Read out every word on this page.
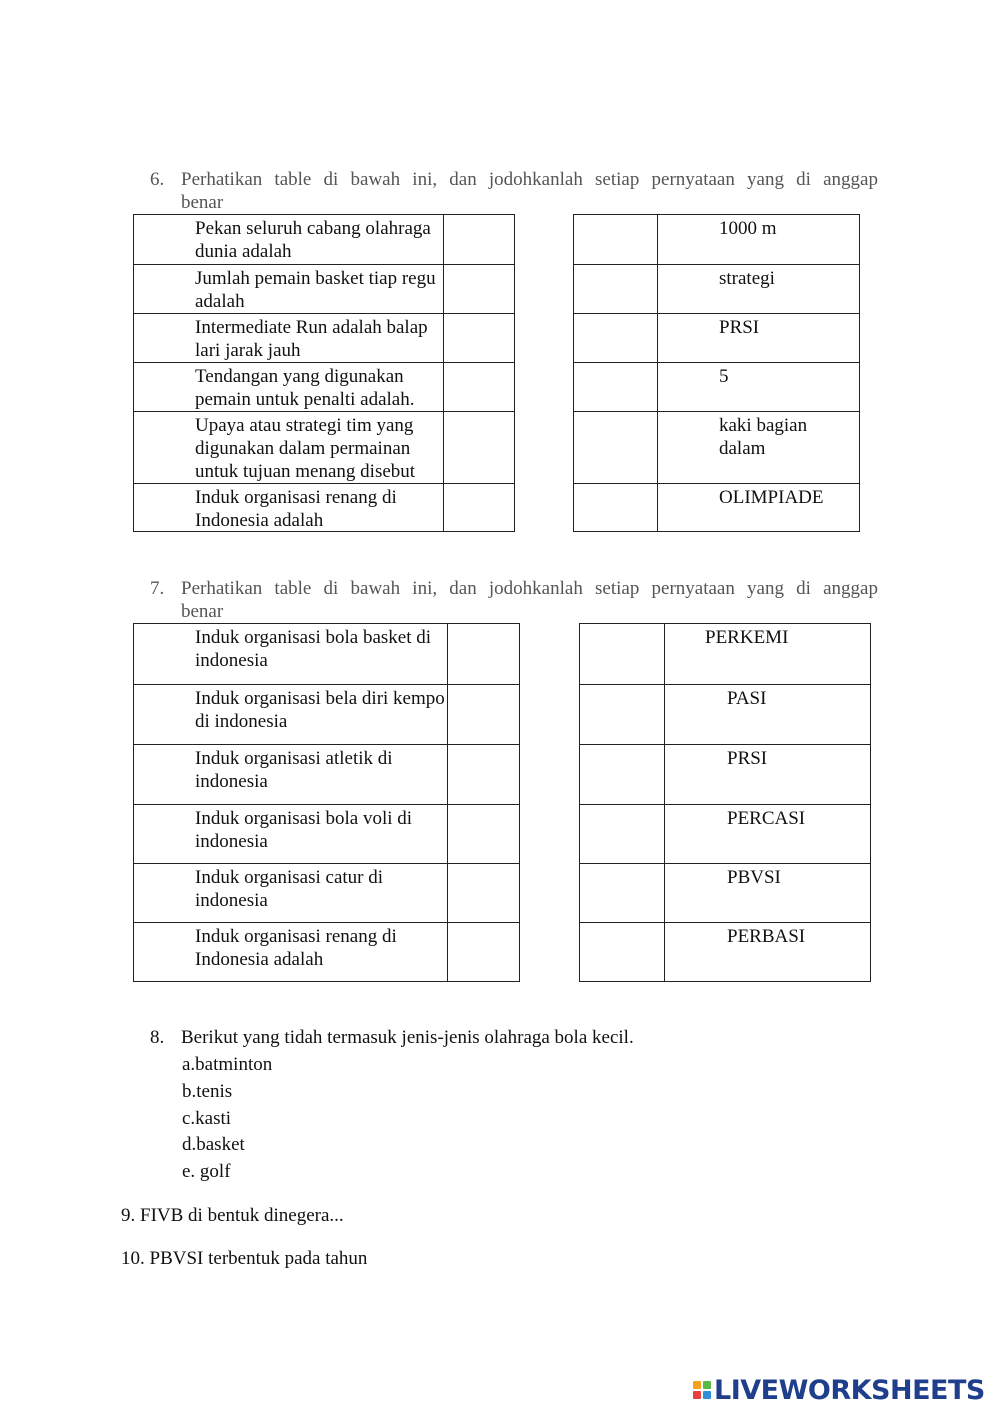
6. Perhatikan table di bawah ini, dan jodohkanlah setiap pernyataan yang di anggap
benar
Pekan seluruh cabang olahraga dunia adalah
Jumlah pemain basket tiap regu adalah
Intermediate Run adalah balap lari jarak jauh
Tendangan yang digunakan pemain untuk penalti adalah.
Upaya atau strategi tim yang digunakan dalam permainan untuk tujuan menang disebut
Induk organisasi renang di Indonesia adalah
1000 m
strategi
PRSI
5
kaki bagian dalam
OLIMPIADE
7. Perhatikan table di bawah ini, dan jodohkanlah setiap pernyataan yang di anggap
benar
Induk organisasi bola basket di indonesia
Induk organisasi bela diri kempo di indonesia
Induk organisasi atletik di indonesia
Induk organisasi bola voli di indonesia
Induk organisasi catur di indonesia
Induk organisasi renang di Indonesia adalah
PERKEMI
PASI
PRSI
PERCASI
PBVSI
PERBASI
8. Berikut yang tidah termasuk jenis-jenis olahraga bola kecil.
a.batminton
b.tenis
c.kasti
d.basket
e. golf
9. FIVB di bentuk dinegera...
10. PBVSI terbentuk pada tahun
LIVEWORKSHEETS
